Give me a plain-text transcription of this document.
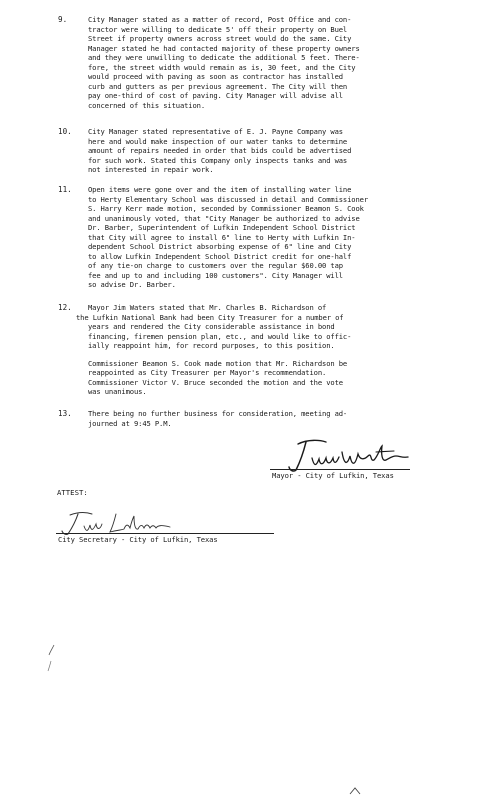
9.	City Manager stated as a matter of record, Post Office and con-
tractor were willing to dedicate 5' off their property on Buel
Street if property owners across street would do the same. City
Manager stated he had contacted majority of these property owners
and they were unwilling to dedicate the additional 5 feet. There-
fore, the street width would remain as is, 30 feet, and the City
would proceed with paving as soon as contractor has installed
curb and gutters as per previous agreement. The City will then
pay one-third of cost of paving. City Manager will advise all
concerned of this situation.
10. City Manager stated representative of E. J. Payne Company was
here and would make inspection of our water tanks to determine
amount of repairs needed in order that bids could be advertised
for such work. Stated this Company only inspects tanks and was
not interested in repair work.
11. Open items were gone over and the item of installing water line
to Herty Elementary School was discussed in detail and Commissioner
S. Harry Kerr made motion, seconded by Commissioner Beamon S. Cook
and unanimously voted, that "City Manager be authorized to advise
Dr. Barber, Superintendent of Lufkin Independent School District
that City will agree to install 6" line to Herty with Lufkin In-
dependent School District absorbing expense of 6" line and City
to allow Lufkin Independent School District credit for one-half
of any tie-on charge to customers over the regular $60.00 tap
fee and up to and including 100 customers". City Manager will
so advise Dr. Barber.
12. Mayor Jim Waters stated that Mr. Charles B. Richardson of
the Lufkin National Bank had been City Treasurer for a number of
years and rendered the City considerable assistance in bond
financing, firemen pension plan, etc., and would like to offic-
ially reappoint him, for record purposes, to this position.
Commissioner Beamon S. Cook made motion that Mr. Richardson be
reappointed as City Treasurer per Mayor's recommendation.
Commissioner Victor V. Bruce seconded the motion and the vote
was unanimous.
13. There being no further business for consideration, meeting ad-
journed at 9:45 P.M.
Mayor - City of Lufkin, Texas
ATTEST:
City Secretary - City of Lufkin, Texas
